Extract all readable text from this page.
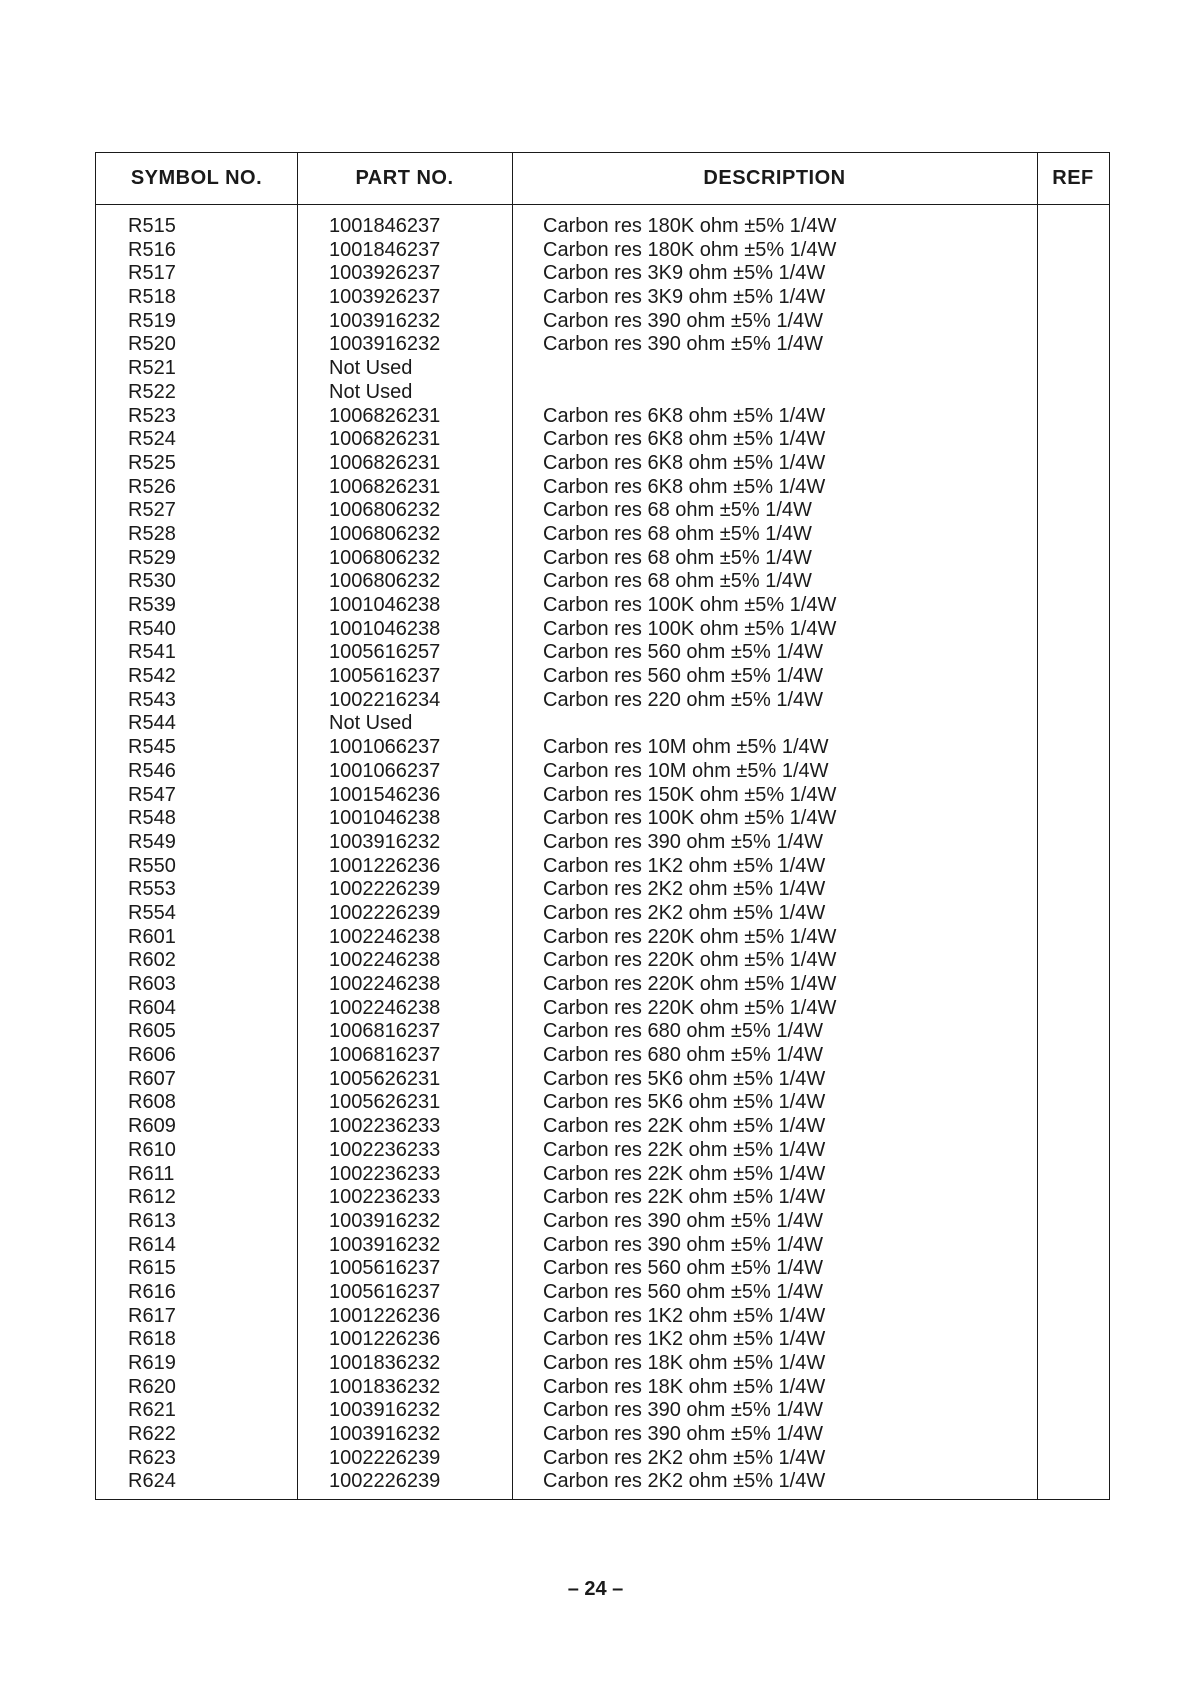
SYMBOL NO.	PART NO.	DESCRIPTION	REF
R515	1001846237	Carbon res 180K ohm ±5% 1/4W
R516	1001846237	Carbon res 180K ohm ±5% 1/4W
R517	1003926237	Carbon res 3K9 ohm ±5% 1/4W
R518	1003926237	Carbon res 3K9 ohm ±5% 1/4W
R519	1003916232	Carbon res 390 ohm ±5% 1/4W
R520	1003916232	Carbon res 390 ohm ±5% 1/4W
R521	Not Used
R522	Not Used
R523	1006826231	Carbon res 6K8 ohm ±5% 1/4W
R524	1006826231	Carbon res 6K8 ohm ±5% 1/4W
R525	1006826231	Carbon res 6K8 ohm ±5% 1/4W
R526	1006826231	Carbon res 6K8 ohm ±5% 1/4W
R527	1006806232	Carbon res 68 ohm ±5% 1/4W
R528	1006806232	Carbon res 68 ohm ±5% 1/4W
R529	1006806232	Carbon res 68 ohm ±5% 1/4W
R530	1006806232	Carbon res 68 ohm ±5% 1/4W
R539	1001046238	Carbon res 100K ohm ±5% 1/4W
R540	1001046238	Carbon res 100K ohm ±5% 1/4W
R541	1005616257	Carbon res 560 ohm ±5% 1/4W
R542	1005616237	Carbon res 560 ohm ±5% 1/4W
R543	1002216234	Carbon res 220 ohm ±5% 1/4W
R544	Not Used
R545	1001066237	Carbon res 10M ohm ±5% 1/4W
R546	1001066237	Carbon res 10M ohm ±5% 1/4W
R547	1001546236	Carbon res 150K ohm ±5% 1/4W
R548	1001046238	Carbon res 100K ohm ±5% 1/4W
R549	1003916232	Carbon res 390 ohm ±5% 1/4W
R550	1001226236	Carbon res 1K2 ohm ±5% 1/4W
R553	1002226239	Carbon res 2K2 ohm ±5% 1/4W
R554	1002226239	Carbon res 2K2 ohm ±5% 1/4W
R601	1002246238	Carbon res 220K ohm ±5% 1/4W
R602	1002246238	Carbon res 220K ohm ±5% 1/4W
R603	1002246238	Carbon res 220K ohm ±5% 1/4W
R604	1002246238	Carbon res 220K ohm ±5% 1/4W
R605	1006816237	Carbon res 680 ohm ±5% 1/4W
R606	1006816237	Carbon res 680 ohm ±5% 1/4W
R607	1005626231	Carbon res 5K6 ohm ±5% 1/4W
R608	1005626231	Carbon res 5K6 ohm ±5% 1/4W
R609	1002236233	Carbon res 22K ohm ±5% 1/4W
R610	1002236233	Carbon res 22K ohm ±5% 1/4W
R611	1002236233	Carbon res 22K ohm ±5% 1/4W
R612	1002236233	Carbon res 22K ohm ±5% 1/4W
R613	1003916232	Carbon res 390 ohm ±5% 1/4W
R614	1003916232	Carbon res 390 ohm ±5% 1/4W
R615	1005616237	Carbon res 560 ohm ±5% 1/4W
R616	1005616237	Carbon res 560 ohm ±5% 1/4W
R617	1001226236	Carbon res 1K2 ohm ±5% 1/4W
R618	1001226236	Carbon res 1K2 ohm ±5% 1/4W
R619	1001836232	Carbon res 18K ohm ±5% 1/4W
R620	1001836232	Carbon res 18K ohm ±5% 1/4W
R621	1003916232	Carbon res 390 ohm ±5% 1/4W
R622	1003916232	Carbon res 390 ohm ±5% 1/4W
R623	1002226239	Carbon res 2K2 ohm ±5% 1/4W
R624	1002226239	Carbon res 2K2 ohm ±5% 1/4W
– 24 –
